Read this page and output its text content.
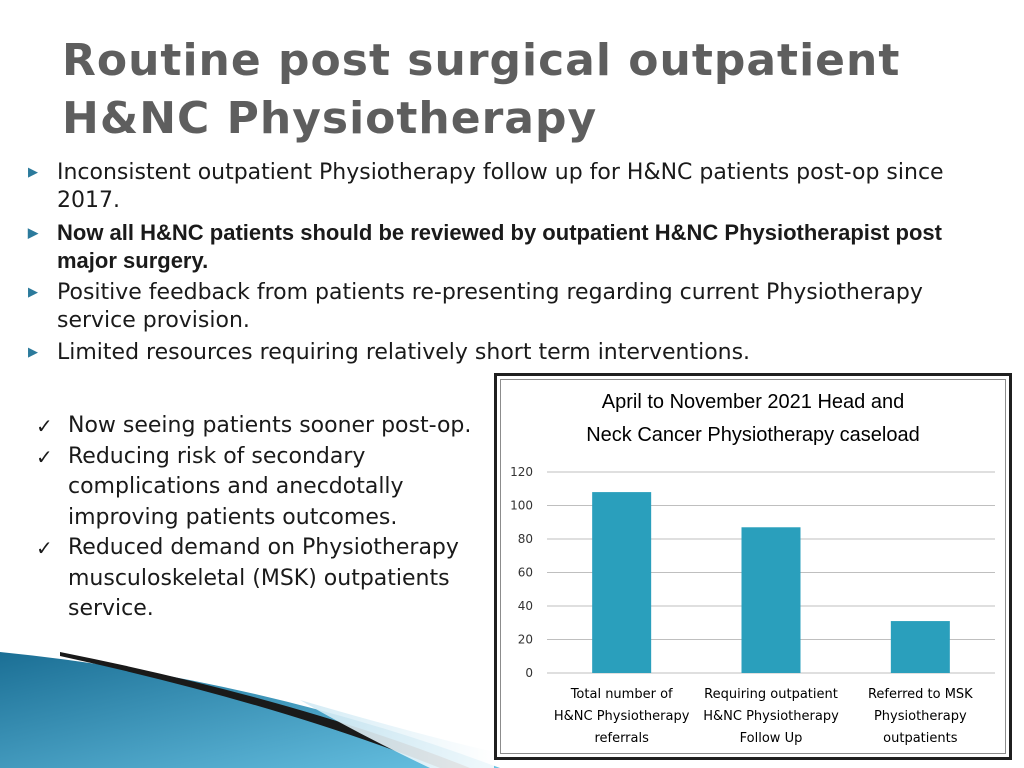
Routine post surgical outpatient
H&NC Physiotherapy
▶ Inconsistent outpatient Physiotherapy follow up for H&NC patients post-op since 2017.
▶ Now all H&NC patients should be reviewed by outpatient H&NC Physiotherapist post major surgery.
▶ Positive feedback from patients re-presenting regarding current Physiotherapy service provision.
▶ Limited resources requiring relatively short term interventions.
✓ Now seeing patients sooner post-op.
✓ Reducing risk of secondary complications and anecdotally improving patients outcomes.
✓ Reduced demand on Physiotherapy musculoskeletal (MSK) outpatients service.
April to November 2021 Head and
Neck Cancer Physiotherapy caseload
0
20
40
60
80
100
120
Total number of
H&NC Physiotherapy
referrals
Requiring outpatient
H&NC Physiotherapy
Follow Up
Referred to MSK
Physiotherapy
outpatients
